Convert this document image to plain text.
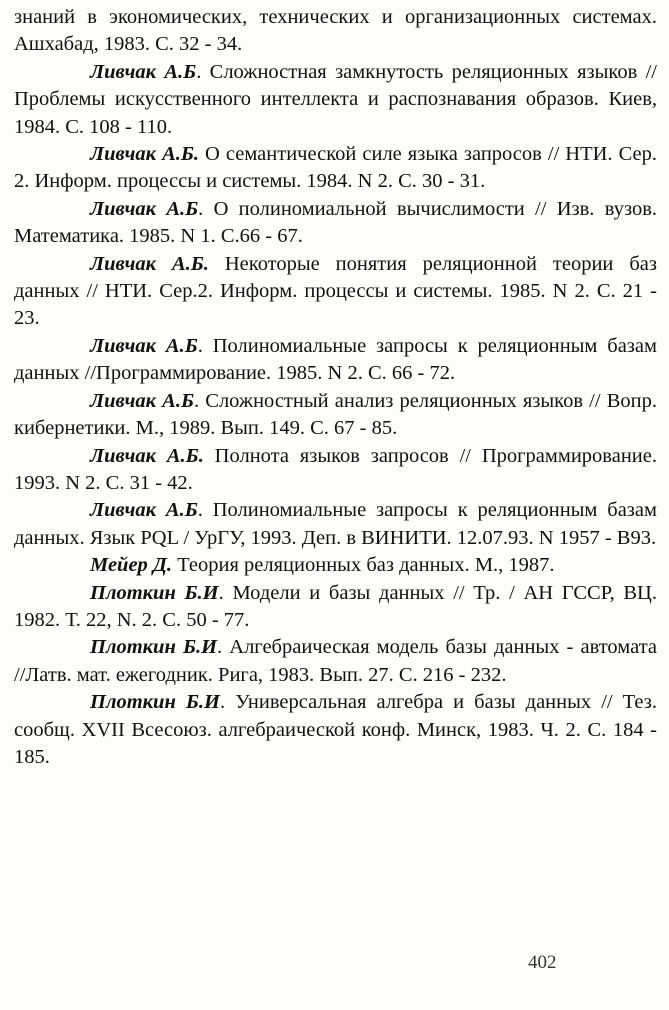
знаний в экономических, технических и организационных системах. Ашхабад, 1983. С. 32 - 34.

Ливчак А.Б. Сложностная замкнутость реляционных языков // Проблемы искусственного интеллекта и распознавания образов. Киев, 1984. С. 108 - 110.

Ливчак А.Б. О семантической силе языка запросов // НТИ. Сер. 2. Информ. процессы и системы. 1984. N 2. С. 30 - 31.

Ливчак А.Б. О полиномиальной вычислимости // Изв. вузов. Математика. 1985. N 1. С.66 - 67.

Ливчак А.Б. Некоторые понятия реляционной теории баз данных // НТИ. Сер.2. Информ. процессы и системы. 1985. N 2. С. 21 - 23.

Ливчак А.Б. Полиномиальные запросы к реляционным базам данных //Программирование. 1985. N 2. С. 66 - 72.

Ливчак А.Б. Сложностный анализ реляционных языков // Вопр. кибернетики. М., 1989. Вып. 149. С. 67 - 85.

Ливчак А.Б. Полнота языков запросов // Программирование. 1993. N 2. С. 31 - 42.

Ливчак А.Б. Полиномиальные запросы к реляционным базам данных. Язык PQL / УрГУ, 1993. Деп. в ВИНИТИ. 12.07.93. N 1957 - В93.

Мейер Д. Теория реляционных баз данных. М., 1987.

Плоткин Б.И. Модели и базы данных // Тр. / АН ГССР, ВЦ. 1982. Т. 22, N. 2. С. 50 - 77.

Плоткин Б.И. Алгебраическая модель базы данных - автомата //Латв. мат. ежегодник. Рига, 1983. Вып. 27. С. 216 - 232.

Плоткин Б.И. Универсальная алгебра и базы данных // Тез. сообщ. XVII Всесоюз. алгебраической конф. Минск, 1983. Ч. 2. С. 184 - 185.

402
